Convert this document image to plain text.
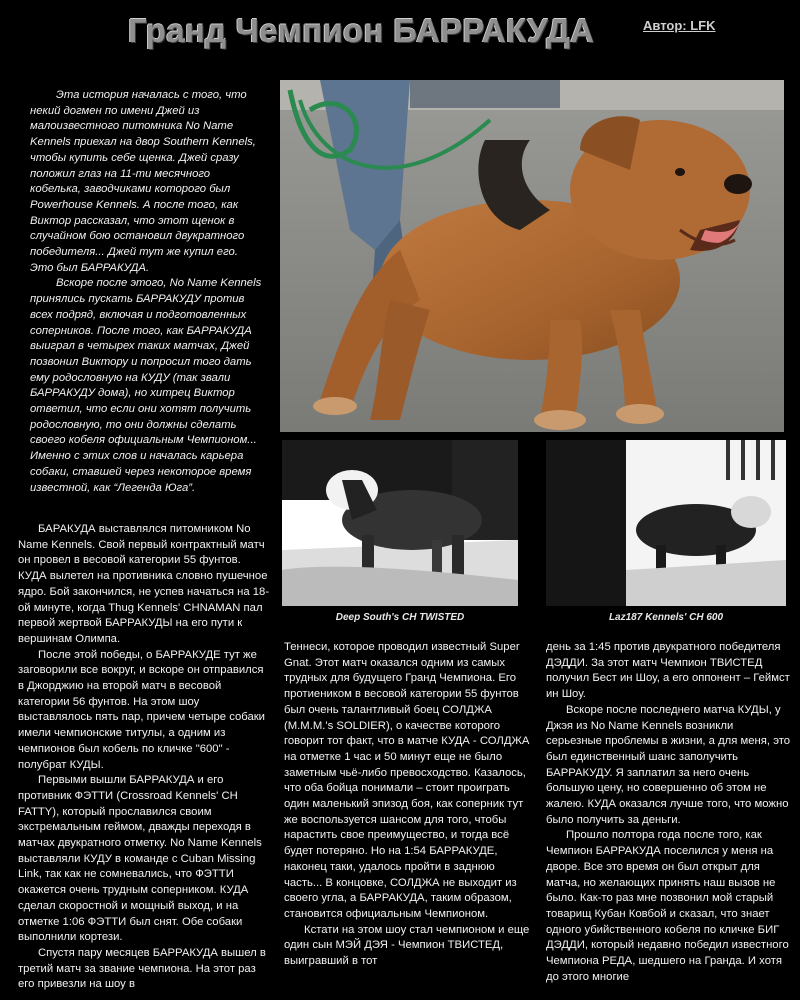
Гранд Чемпион БАРРАКУДА	Автор: LFK

Эта история началась с того, что некий догмен по имени Джей из малоизвестного питомника No Name Kennels приехал на двор Southern Kennels, чтобы купить себе щенка. Джей сразу положил глаз на 11-ти месячного кобелька, заводчиками которого был Powerhouse Kennels. А после того, как Виктор рассказал, что этот щенок в случайном бою остановил двукратного победителя... Джей тут же купил его. Это был БАРРАКУДА.

Вскоре после этого, No Name Kennels принялись пускать БАРРАКУДУ против всех подряд, включая и подготовленных соперников. После того, как БАРРАКУДА выиграл в четырех таких матчах, Джей позвонил Виктору и попросил того дать ему родословную на КУДУ (так звали БАРРАКУДУ дома), но хитрец Виктор ответил, что если они хотят получить родословную, то они должны сделать своего кобеля официальным Чемпионом... Именно с этих слов и началась карьера собаки, ставшей через некоторое время известной, как “Легенда Юга”.

Deep South's CH TWISTED	Laz187 Kennels' CH 600

БАРАКУДА выставлялся питомником No Name Kennels. Свой первый контрактный матч он провел в весовой категории 55 фунтов. КУДА вылетел на противника словно пушечное ядро. Бой закончился, не успев начаться на 18-ой минуте, когда Thug Kennels' CHNAMAN пал первой жертвой БАРРАКУДЫ на его пути к вершинам Олимпа.

После этой победы, о БАРРАКУДЕ тут же заговорили все вокруг, и вскоре он отправился в Джорджию на второй матч в весовой категории 56 фунтов. На этом шоу выставлялось пять пар, причем четыре собаки имели чемпионские титулы, а одним из чемпионов был кобель по кличке "600" - полубрат КУДЫ.

Первыми вышли БАРРАКУДА и его противник ФЭТТИ (Crossroad Kennels' CH FATTY), который прославился своим экстремальным геймом, дважды переходя в матчах двукратного отметку. No Name Kennels выставляли КУДУ в команде с Cuban Missing Link, так как не сомневались, что ФЭТТИ окажется очень трудным соперником. КУДА сделал скоростной и мощный выход, и на отметке 1:06 ФЭТТИ был снят. Обе собаки выполнили кортези.

Спустя пару месяцев БАРРАКУДА вышел в третий матч за звание чемпиона. На этот раз его привезли на шоу в

Теннеси, которое проводил известный Super Gnat. Этот матч оказался одним из самых трудных для будущего Гранд Чемпиона. Его протиеником в весовой категории 55 фунтов был очень талантливый боец СОЛДЖА (M.M.M.'s SOLDIER), о качестве которого говорит тот факт, что в матче КУДА - СОЛДЖА на отметке 1 час и 50 минут еще не было заметным чьё-либо превосходство. Казалось, что оба бойца понимали – стоит проиграть один маленький эпизод боя, как соперник тут же воспользуется шансом для того, чтобы нарастить свое преимущество, и тогда всё будет потеряно. Но на 1:54 БАРРАКУДЕ, наконец таки, удалось пройти в заднюю часть... В концовке, СОЛДЖА не выходит из своего угла, а БАРРАКУДА, таким образом, становится официальным Чемпионом.

Кстати на этом шоу стал чемпионом и еще один сын МЭЙ ДЭЯ - Чемпион ТВИСТЕД, выигравший в тот

день за 1:45 против двукратного победителя ДЭДДИ. За этот матч Чемпион ТВИСТЕД получил Бест ин Шоу, а его оппонент – Геймст ин Шоу.

Вскоре после последнего матча КУДЫ, у Джэя из No Name Kennels возникли серьезные проблемы в жизни, а для меня, это был единственный шанс заполучить БАРРАКУДУ. Я заплатил за него очень большую цену, но совершенно об этом не жалею. КУДА оказался лучше того, что можно было получить за деньги.

Прошло полтора года после того, как Чемпион БАРРАКУДА поселился у меня на дворе. Все это время он был открыт для матча, но желающих принять наш вызов не было. Как-то раз мне позвонил мой старый товарищ Кубан Ковбой и сказал, что знает одного убийственного кобеля по кличке БИГ ДЭДДИ, который недавно победил известного Чемпиона РЕДА, шедшего на Гранда. И хотя до этого многие
